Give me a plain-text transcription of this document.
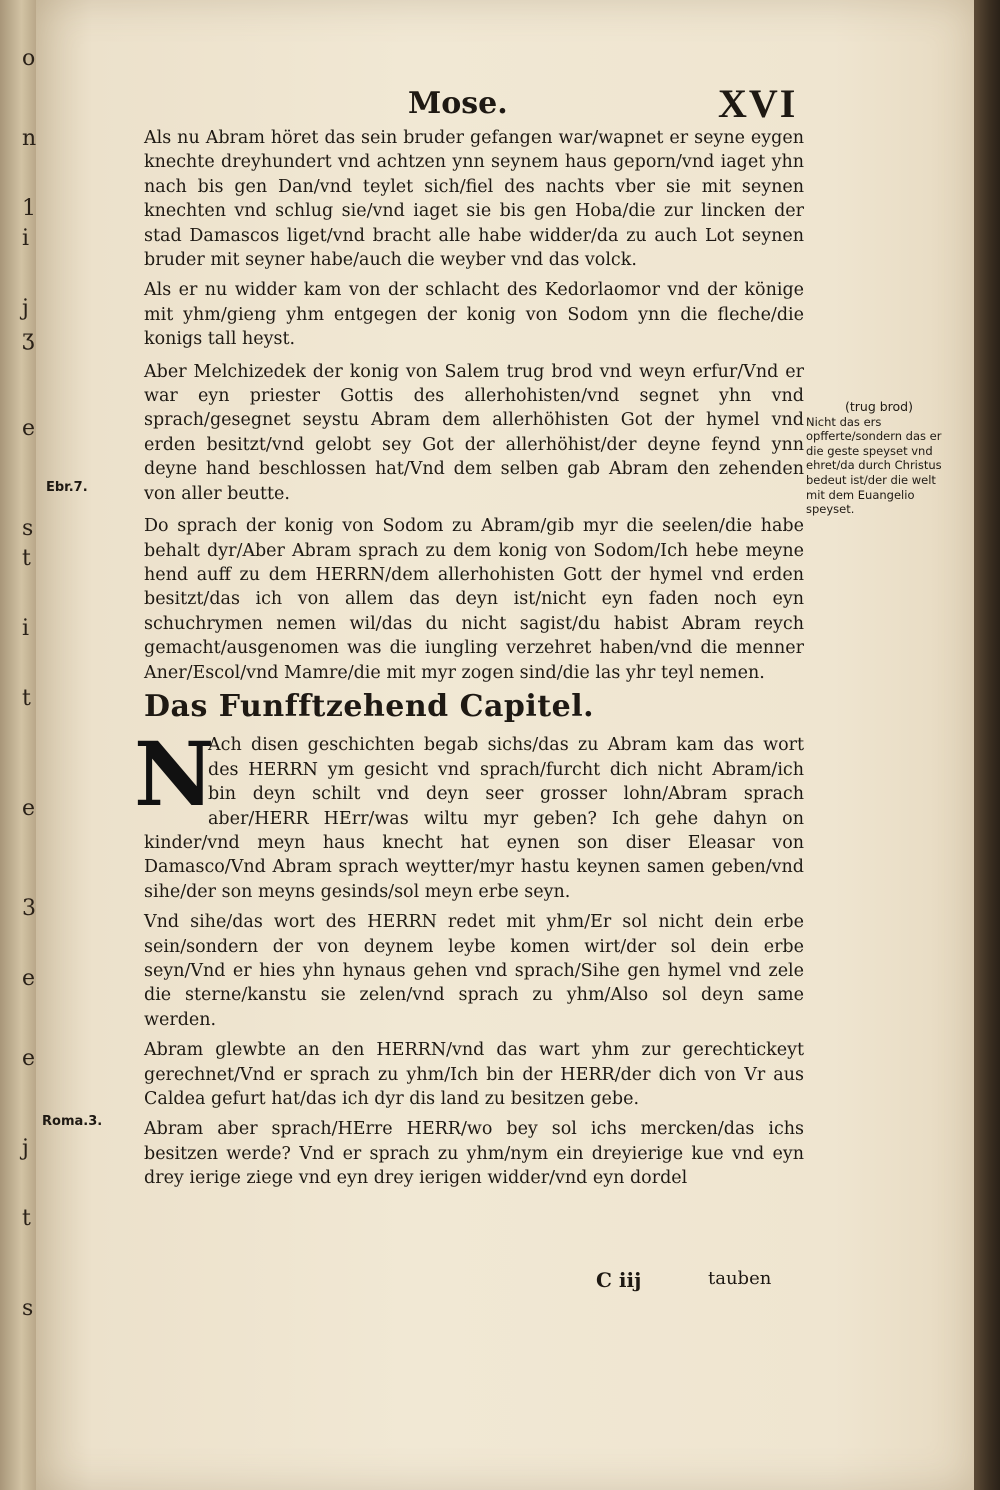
o
n
1
i
j
ʒ
e
s
t
i
t
e
3
e
e
j
t
s
Mose.	XVI

Als nu Abram höret das sein bruder gefangen war/wapnet er seyne eygen knechte dreyhundert vnd achtzen ynn seynem haus geporn/vnd iaget yhn nach bis gen Dan/vnd teylet sich/fiel des nachts vber sie mit seynen knechten vnd schlug sie/vnd iaget sie bis gen Hoba/die zur lincken der stad Damascos liget/vnd bracht alle habe widder/da zu auch Lot seynen bruder mit seyner habe/auch die weyber vnd das volck.

Als er nu widder kam von der schlacht des Kedorlaomor vnd der könige mit yhm/gieng yhm entgegen der konig von Sodom ynn die fleche/die konigs tall heyst.

Aber Melchizedek der konig von Salem trug brod vnd weyn erfur/Vnd er war eyn priester Gottis des allerhohisten/vnd segnet yhn vnd sprach/gesegnet seystu Abram dem allerhöhisten Got der hymel vnd erden besitzt/vnd gelobt sey Got der allerhöhist/der deyne feynd ynn deyne hand beschlossen hat/Vnd dem selben gab Abram den zehenden von aller beutte.

Do sprach der konig von Sodom zu Abram/gib myr die seelen/die habe behalt dyr/Aber Abram sprach zu dem konig von Sodom/Ich hebe meyne hend auff zu dem HERRN/dem allerhohisten Gott der hymel vnd erden besitzt/das ich von allem das deyn ist/nicht eyn faden noch eyn schuchrymen nemen wil/das du nicht sagist/du habist Abram reych gemacht/ausgenomen was die iungling verzehret haben/vnd die menner Aner/Escol/vnd Mamre/die mit myr zogen sind/die las yhr teyl nemen.

Das Funfftzehend Capitel.

N

Ach disen geschichten begab sichs/das zu Abram kam das wort des HERRN ym gesicht vnd sprach/furcht dich nicht Abram/ich bin deyn schilt vnd deyn seer grosser lohn/Abram sprach aber/HERR HErr/was wiltu myr geben? Ich gehe dahyn on kinder/vnd meyn haus knecht hat eynen son diser Eleasar von Damasco/Vnd Abram sprach weytter/myr hastu keynen samen geben/vnd sihe/der son meyns gesinds/sol meyn erbe seyn.

Vnd sihe/das wort des HERRN redet mit yhm/Er sol nicht dein erbe sein/sondern der von deynem leybe komen wirt/der sol dein erbe seyn/Vnd er hies yhn hynaus gehen vnd sprach/Sihe gen hymel vnd zele die sterne/kanstu sie zelen/vnd sprach zu yhm/Also sol deyn same werden.

Abram glewbte an den HERRN/vnd das wart yhm zur gerechtickeyt gerechnet/Vnd er sprach zu yhm/Ich bin der HERR/der dich von Vr aus Caldea gefurt hat/das ich dyr dis land zu besitzen gebe.

Abram aber sprach/HErre HERR/wo bey sol ichs mercken/das ichs besitzen werde? Vnd er sprach zu yhm/nym ein dreyierige kue vnd eyn drey ierige ziege vnd eyn drey ierigen widder/vnd eyn dordel

(trug brod)
Nicht das ers opfferte/sondern das er die geste speyset vnd ehret/da durch Christus bedeut ist/der die welt mit dem Euangelio speyset.
Ebr.7.
Roma.3.
C iij	tauben
